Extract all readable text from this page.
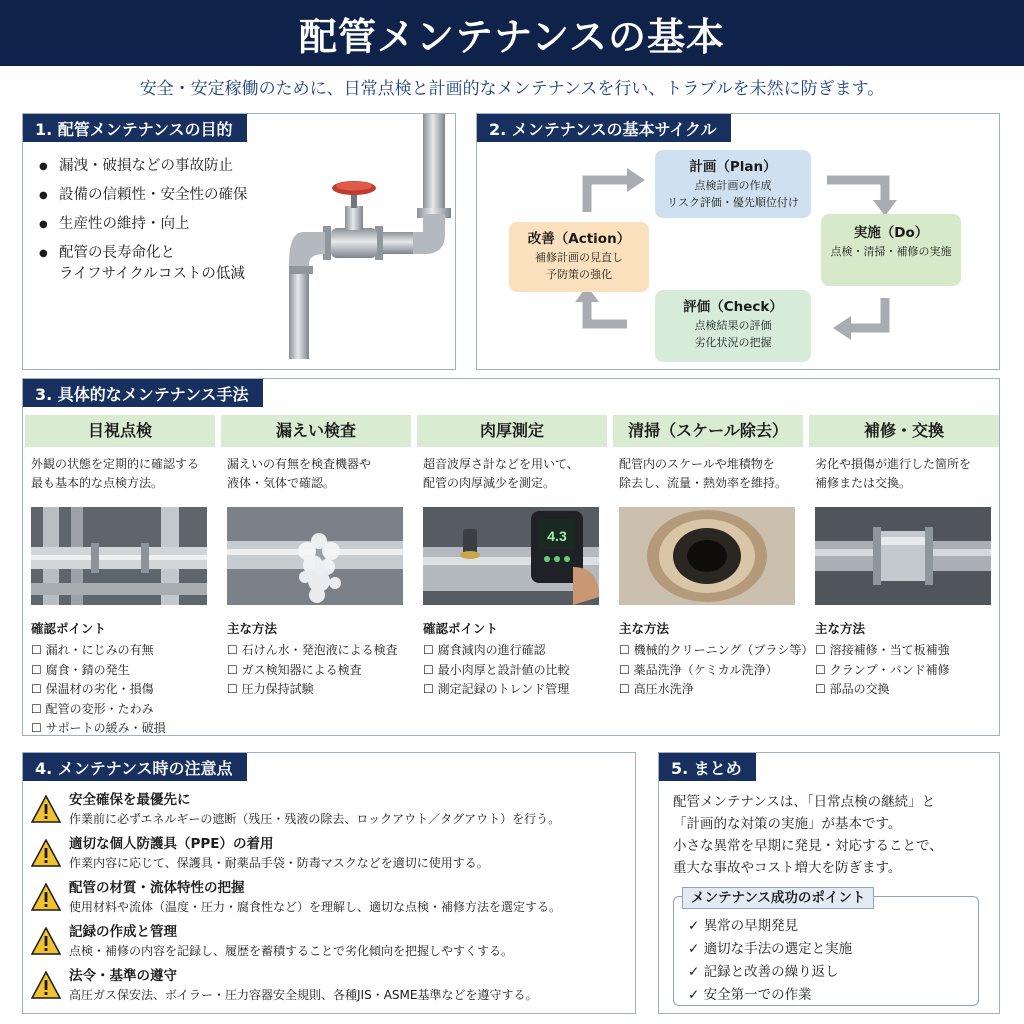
配管メンテナンスの基本
安全・安定稼働のために、日常点検と計画的なメンテナンスを行い、トラブルを未然に防ぎます。
1. 配管メンテナンスの目的
● 漏洩・破損などの事故防止
● 設備の信頼性・安全性の確保
● 生産性の維持・向上
● 配管の長寿命化と
ライフサイクルコストの低減
2. メンテナンスの基本サイクル
計画（Plan）
点検計画の作成
リスク評価・優先順位付け
実施（Do）
点検・清掃・補修の実施
評価（Check）
点検結果の評価
劣化状況の把握
改善（Action）
補修計画の見直し
予防策の強化
3. 具体的なメンテナンス手法
目視点検
外観の状態を定期的に確認する
最も基本的な点検方法。
確認ポイント
☐ 漏れ・にじみの有無
☐ 腐食・錆の発生
☐ 保温材の劣化・損傷
☐ 配管の変形・たわみ
☐ サポートの緩み・破損
漏えい検査
漏えいの有無を検査機器や
液体・気体で確認。
主な方法
☐ 石けん水・発泡液による検査
☐ ガス検知器による検査
☐ 圧力保持試験
肉厚測定
超音波厚さ計などを用いて、
配管の肉厚減少を測定。
4.3
確認ポイント
☐ 腐食減肉の進行確認
☐ 最小肉厚と設計値の比較
☐ 測定記録のトレンド管理
清掃（スケール除去）
配管内のスケールや堆積物を
除去し、流量・熱効率を維持。
主な方法
☐ 機械的クリーニング（ブラシ等）
☐ 薬品洗浄（ケミカル洗浄）
☐ 高圧水洗浄
補修・交換
劣化や損傷が進行した箇所を
補修または交換。
主な方法
☐ 溶接補修・当て板補強
☐ クランプ・バンド補修
☐ 部品の交換
4. メンテナンス時の注意点
安全確保を最優先に
作業前に必ずエネルギーの遮断（残圧・残液の除去、ロックアウト／タグアウト）を行う。
適切な個人防護具（PPE）の着用
作業内容に応じて、保護具・耐薬品手袋・防毒マスクなどを適切に使用する。
配管の材質・流体特性の把握
使用材料や流体（温度・圧力・腐食性など）を理解し、適切な点検・補修方法を選定する。
記録の作成と管理
点検・補修の内容を記録し、履歴を蓄積することで劣化傾向を把握しやすくする。
法令・基準の遵守
高圧ガス保安法、ボイラー・圧力容器安全規則、各種JIS・ASME基準などを遵守する。
5. まとめ
配管メンテナンスは、「日常点検の継続」と
「計画的な対策の実施」が基本です。
小さな異常を早期に発見・対応することで、
重大な事故やコスト増大を防ぎます。
メンテナンス成功のポイント
✓ 異常の早期発見
✓ 適切な手法の選定と実施
✓ 記録と改善の繰り返し
✓ 安全第一での作業
